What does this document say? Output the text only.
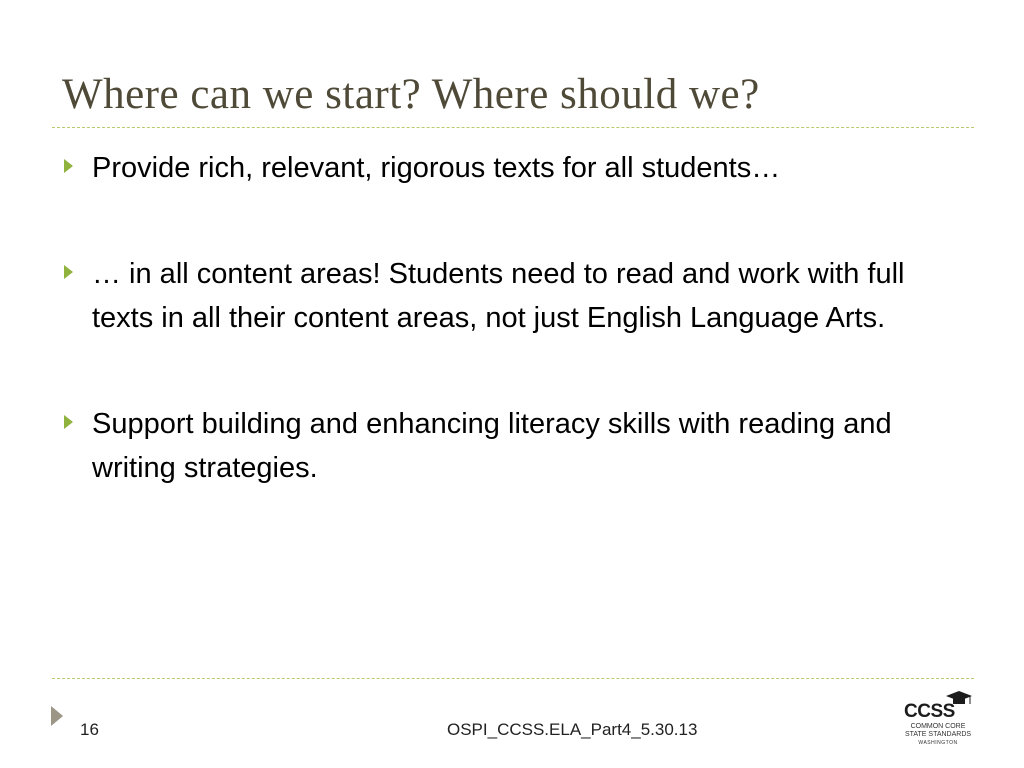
Where can we start? Where should we?
Provide rich, relevant, rigorous texts for all students…
… in all content areas! Students need to read and work with full texts in all their content areas, not just English Language Arts.
Support building and enhancing literacy skills with reading and writing strategies.
16	OSPI_CCSS.ELA_Part4_5.30.13
CCSS
COMMON CORE
STATE STANDARDS
WASHINGTON
